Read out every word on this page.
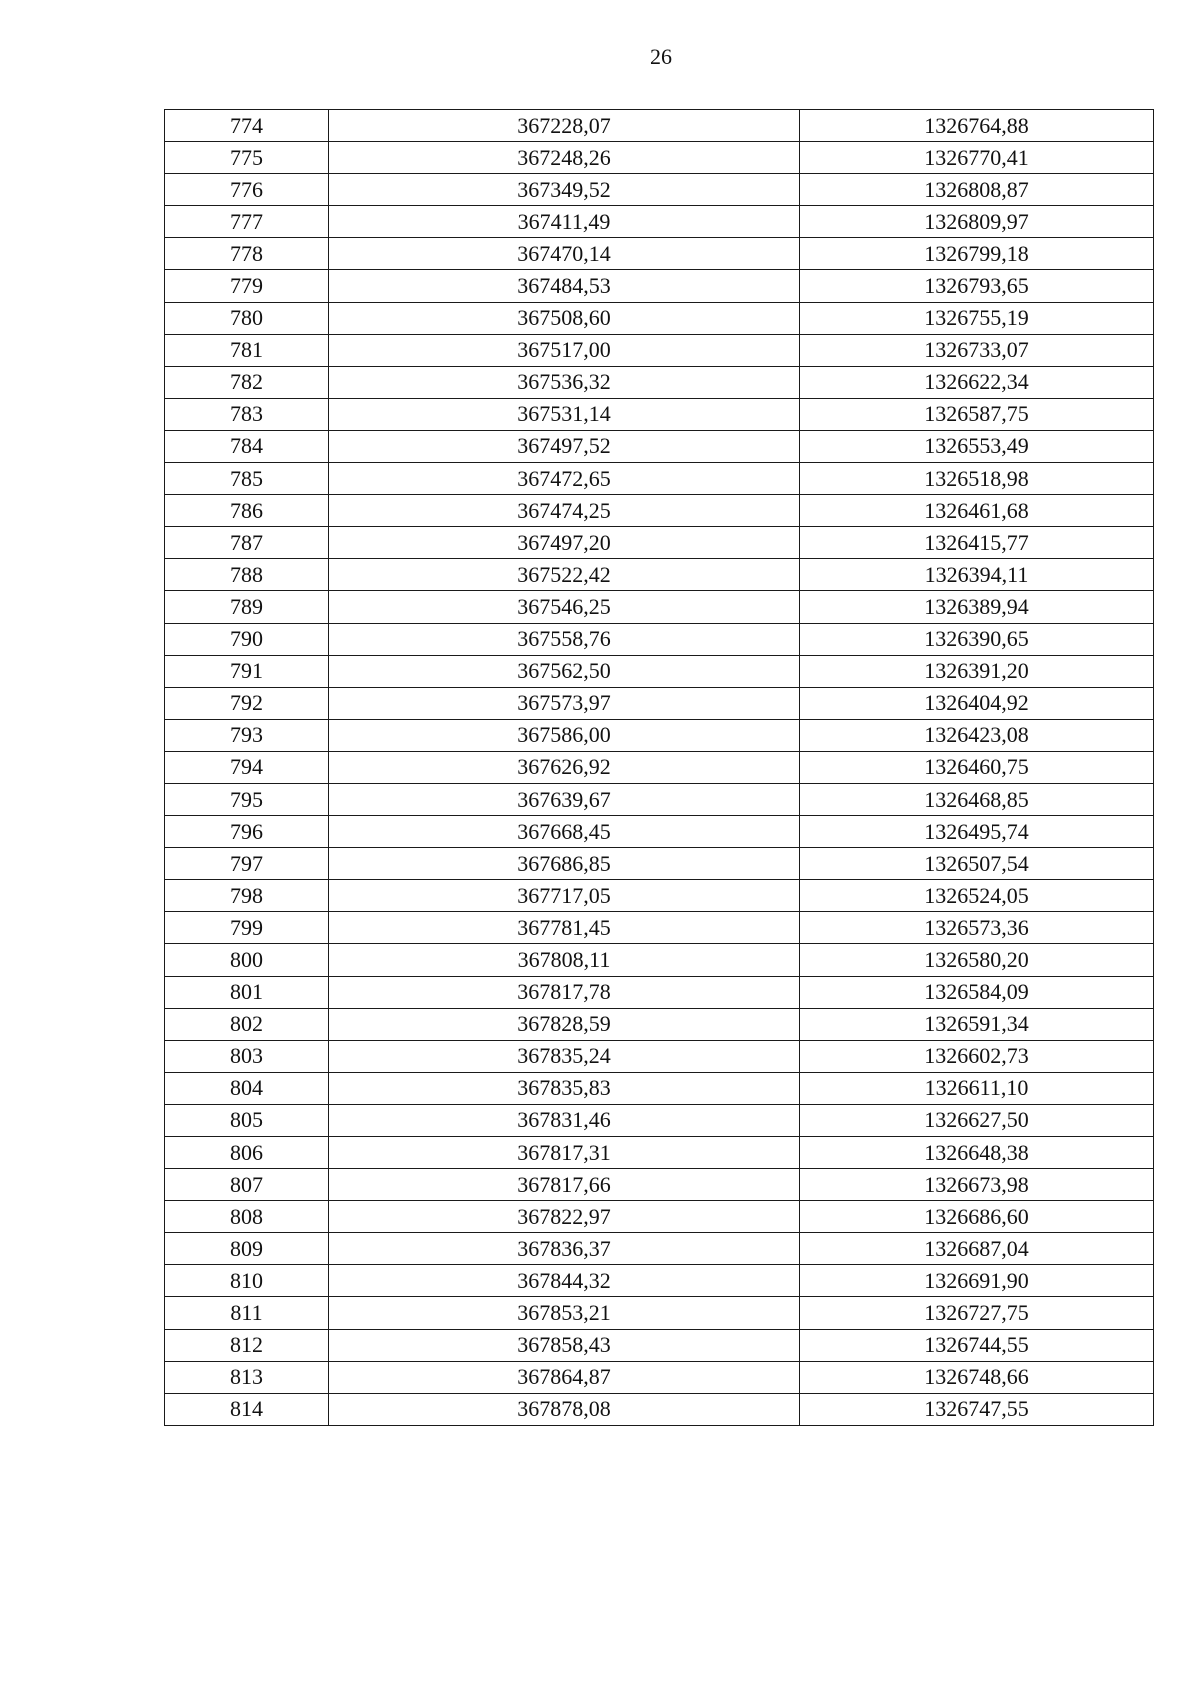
26
774	367228,07	1326764,88
775	367248,26	1326770,41
776	367349,52	1326808,87
777	367411,49	1326809,97
778	367470,14	1326799,18
779	367484,53	1326793,65
780	367508,60	1326755,19
781	367517,00	1326733,07
782	367536,32	1326622,34
783	367531,14	1326587,75
784	367497,52	1326553,49
785	367472,65	1326518,98
786	367474,25	1326461,68
787	367497,20	1326415,77
788	367522,42	1326394,11
789	367546,25	1326389,94
790	367558,76	1326390,65
791	367562,50	1326391,20
792	367573,97	1326404,92
793	367586,00	1326423,08
794	367626,92	1326460,75
795	367639,67	1326468,85
796	367668,45	1326495,74
797	367686,85	1326507,54
798	367717,05	1326524,05
799	367781,45	1326573,36
800	367808,11	1326580,20
801	367817,78	1326584,09
802	367828,59	1326591,34
803	367835,24	1326602,73
804	367835,83	1326611,10
805	367831,46	1326627,50
806	367817,31	1326648,38
807	367817,66	1326673,98
808	367822,97	1326686,60
809	367836,37	1326687,04
810	367844,32	1326691,90
811	367853,21	1326727,75
812	367858,43	1326744,55
813	367864,87	1326748,66
814	367878,08	1326747,55
